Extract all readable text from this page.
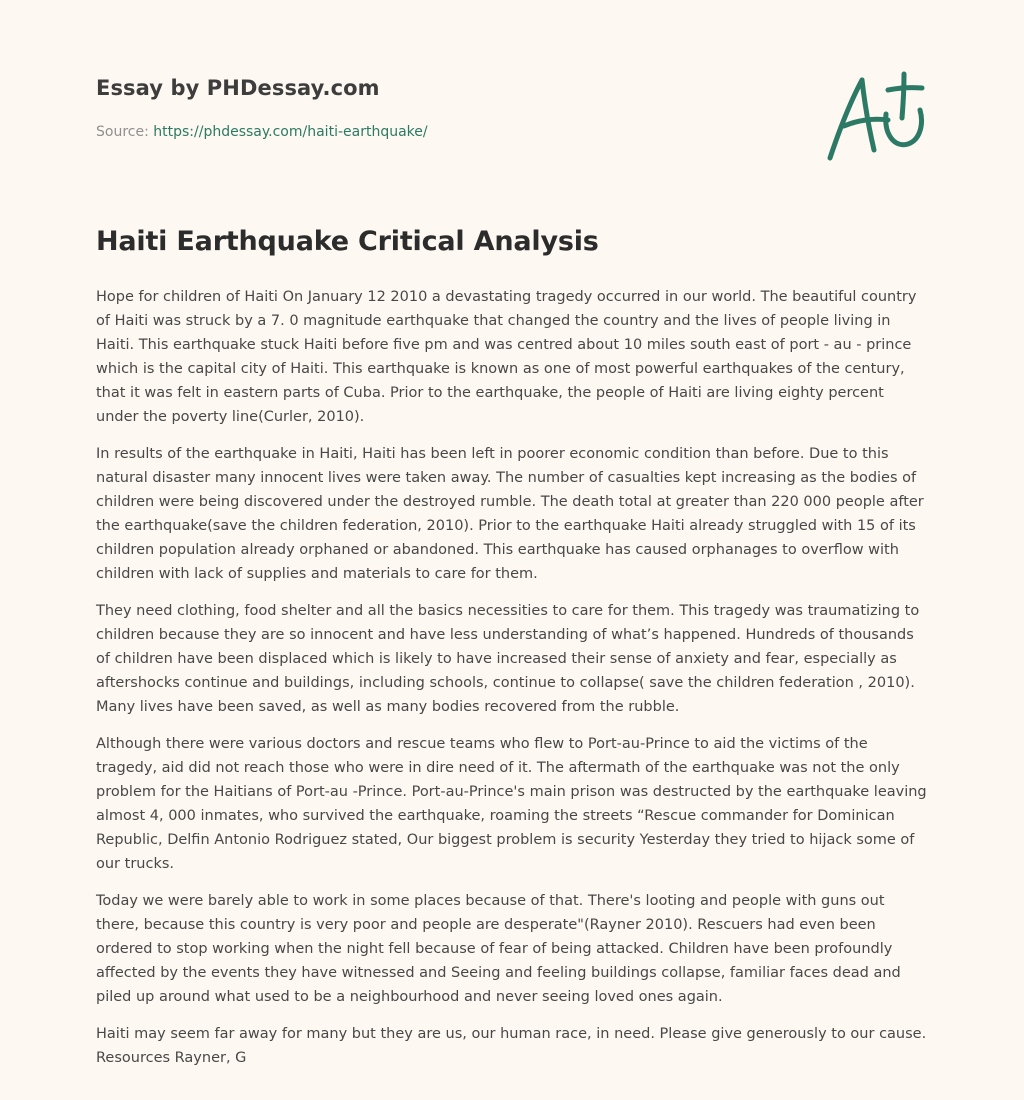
Essay by PHDessay.com
Source: https://phdessay.com/haiti-earthquake/
Haiti Earthquake Critical Analysis

Hope for children of Haiti On January 12 2010 a devastating tragedy occurred in our world. The beautiful country of Haiti was struck by a 7. 0 magnitude earthquake that changed the country and the lives of people living in Haiti. This earthquake stuck Haiti before five pm and was centred about 10 miles south east of port - au - prince which is the capital city of Haiti. This earthquake is known as one of most powerful earthquakes of the century, that it was felt in eastern parts of Cuba. Prior to the earthquake, the people of Haiti are living eighty percent under the poverty line(Curler, 2010).

In results of the earthquake in Haiti, Haiti has been left in poorer economic condition than before. Due to this natural disaster many innocent lives were taken away. The number of casualties kept increasing as the bodies of children were being discovered under the destroyed rumble. The death total at greater than 220 000 people after the earthquake(save the children federation, 2010). Prior to the earthquake Haiti already struggled with 15 of its children population already orphaned or abandoned. This earthquake has caused orphanages to overflow with children with lack of supplies and materials to care for them.

They need clothing, food shelter and all the basics necessities to care for them. This tragedy was traumatizing to children because they are so innocent and have less understanding of what’s happened. Hundreds of thousands of children have been displaced which is likely to have increased their sense of anxiety and fear, especially as aftershocks continue and buildings, including schools, continue to collapse( save the children federation , 2010). Many lives have been saved, as well as many bodies recovered from the rubble.

Although there were various doctors and rescue teams who flew to Port-au-Prince to aid the victims of the tragedy, aid did not reach those who were in dire need of it. The aftermath of the earthquake was not the only problem for the Haitians of Port-au -Prince. Port-au-Prince's main prison was destructed by the earthquake leaving almost 4, 000 inmates, who survived the earthquake, roaming the streets “Rescue commander for Dominican Republic, Delfin Antonio Rodriguez stated, Our biggest problem is security Yesterday they tried to hijack some of our trucks.

Today we were barely able to work in some places because of that. There's looting and people with guns out there, because this country is very poor and people are desperate"(Rayner 2010). Rescuers had even been ordered to stop working when the night fell because of fear of being attacked. Children have been profoundly affected by the events they have witnessed and Seeing and feeling buildings collapse, familiar faces dead and piled up around what used to be a neighbourhood and never seeing loved ones again.

Haiti may seem far away for many but they are us, our human race, in need. Please give generously to our cause. Resources Rayner, G
